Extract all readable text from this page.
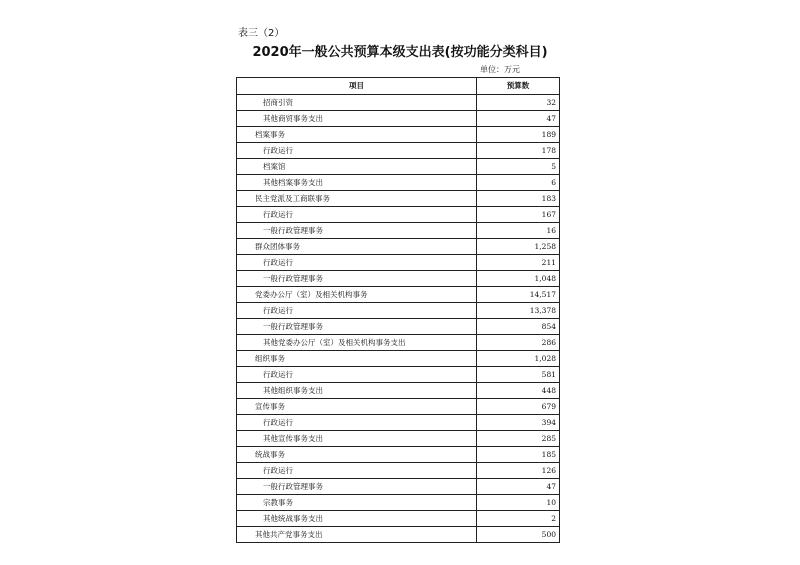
表三（2）
2020年一般公共预算本级支出表(按功能分类科目)
单位：万元
项目	预算数
招商引资	32
其他商贸事务支出	47
档案事务	189
行政运行	178
档案馆	5
其他档案事务支出	6
民主党派及工商联事务	183
行政运行	167
一般行政管理事务	16
群众团体事务	1,258
行政运行	211
一般行政管理事务	1,048
党委办公厅（室）及相关机构事务	14,517
行政运行	13,378
一般行政管理事务	854
其他党委办公厅（室）及相关机构事务支出	286
组织事务	1,028
行政运行	581
其他组织事务支出	448
宣传事务	679
行政运行	394
其他宣传事务支出	285
统战事务	185
行政运行	126
一般行政管理事务	47
宗教事务	10
其他统战事务支出	2
其他共产党事务支出	500
